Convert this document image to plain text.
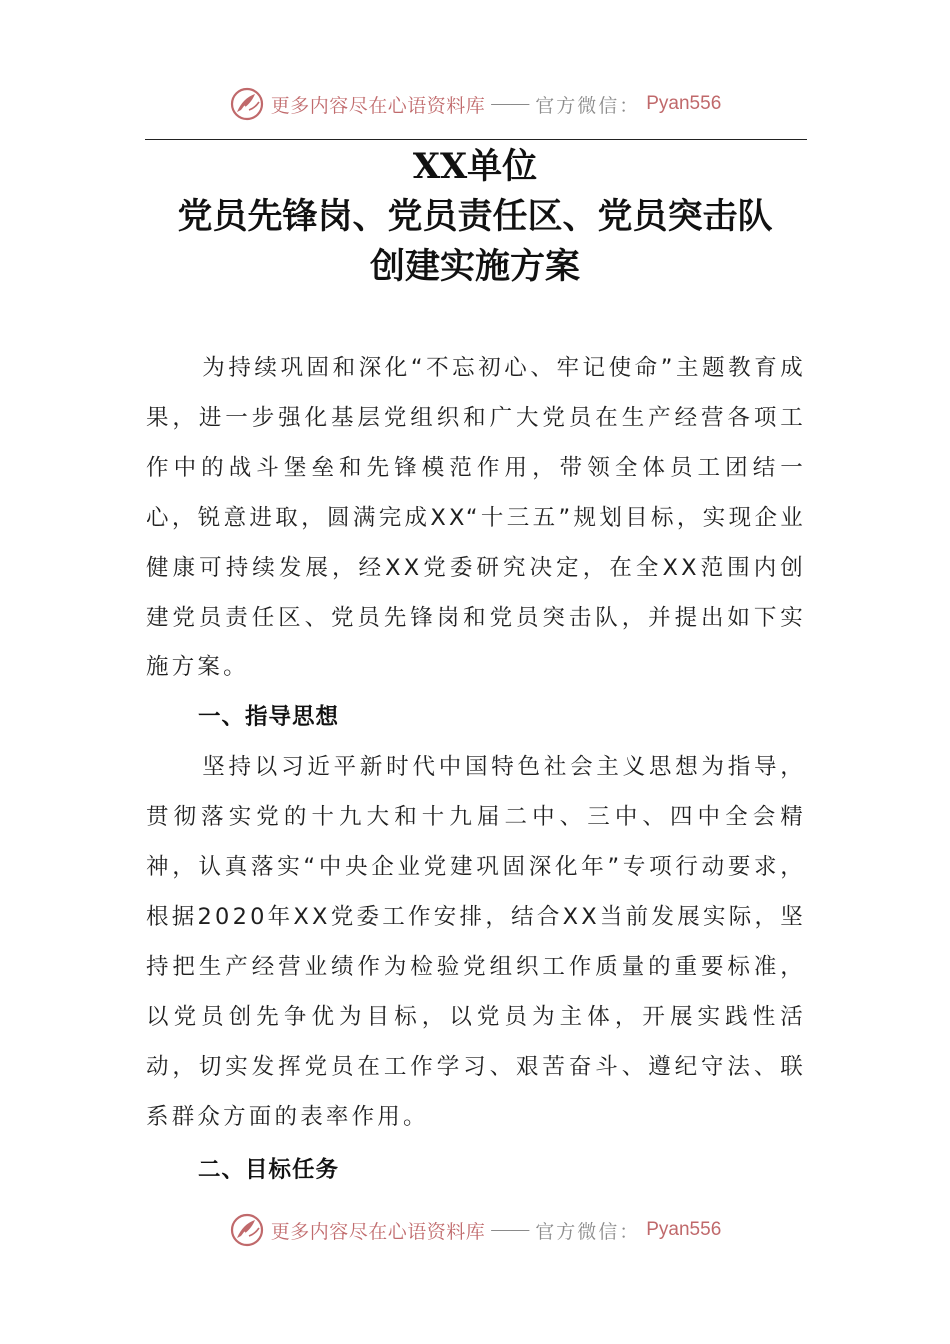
更多内容尽在心语资料库 —— 官方微信： Pyan556
XX单位
党员先锋岗、党员责任区、党员突击队
创建实施方案

为持续巩固和深化“不忘初心、牢记使命”主题教育成果，进一步强化基层党组织和广大党员在生产经营各项工作中的战斗堡垒和先锋模范作用，带领全体员工团结一心，锐意进取，圆满完成XX“十三五”规划目标，实现企业健康可持续发展，经XX党委研究决定，在全XX范围内创建党员责任区、党员先锋岗和党员突击队，并提出如下实施方案。

一、指导思想

坚持以习近平新时代中国特色社会主义思想为指导，贯彻落实党的十九大和十九届二中、三中、四中全会精神，认真落实“中央企业党建巩固深化年”专项行动要求，根据2020年XX党委工作安排，结合XX当前发展实际，坚持把生产经营业绩作为检验党组织工作质量的重要标准，以党员创先争优为目标，以党员为主体，开展实践性活动，切实发挥党员在工作学习、艰苦奋斗、遵纪守法、联系群众方面的表率作用。

二、目标任务

更多内容尽在心语资料库 —— 官方微信： Pyan556
